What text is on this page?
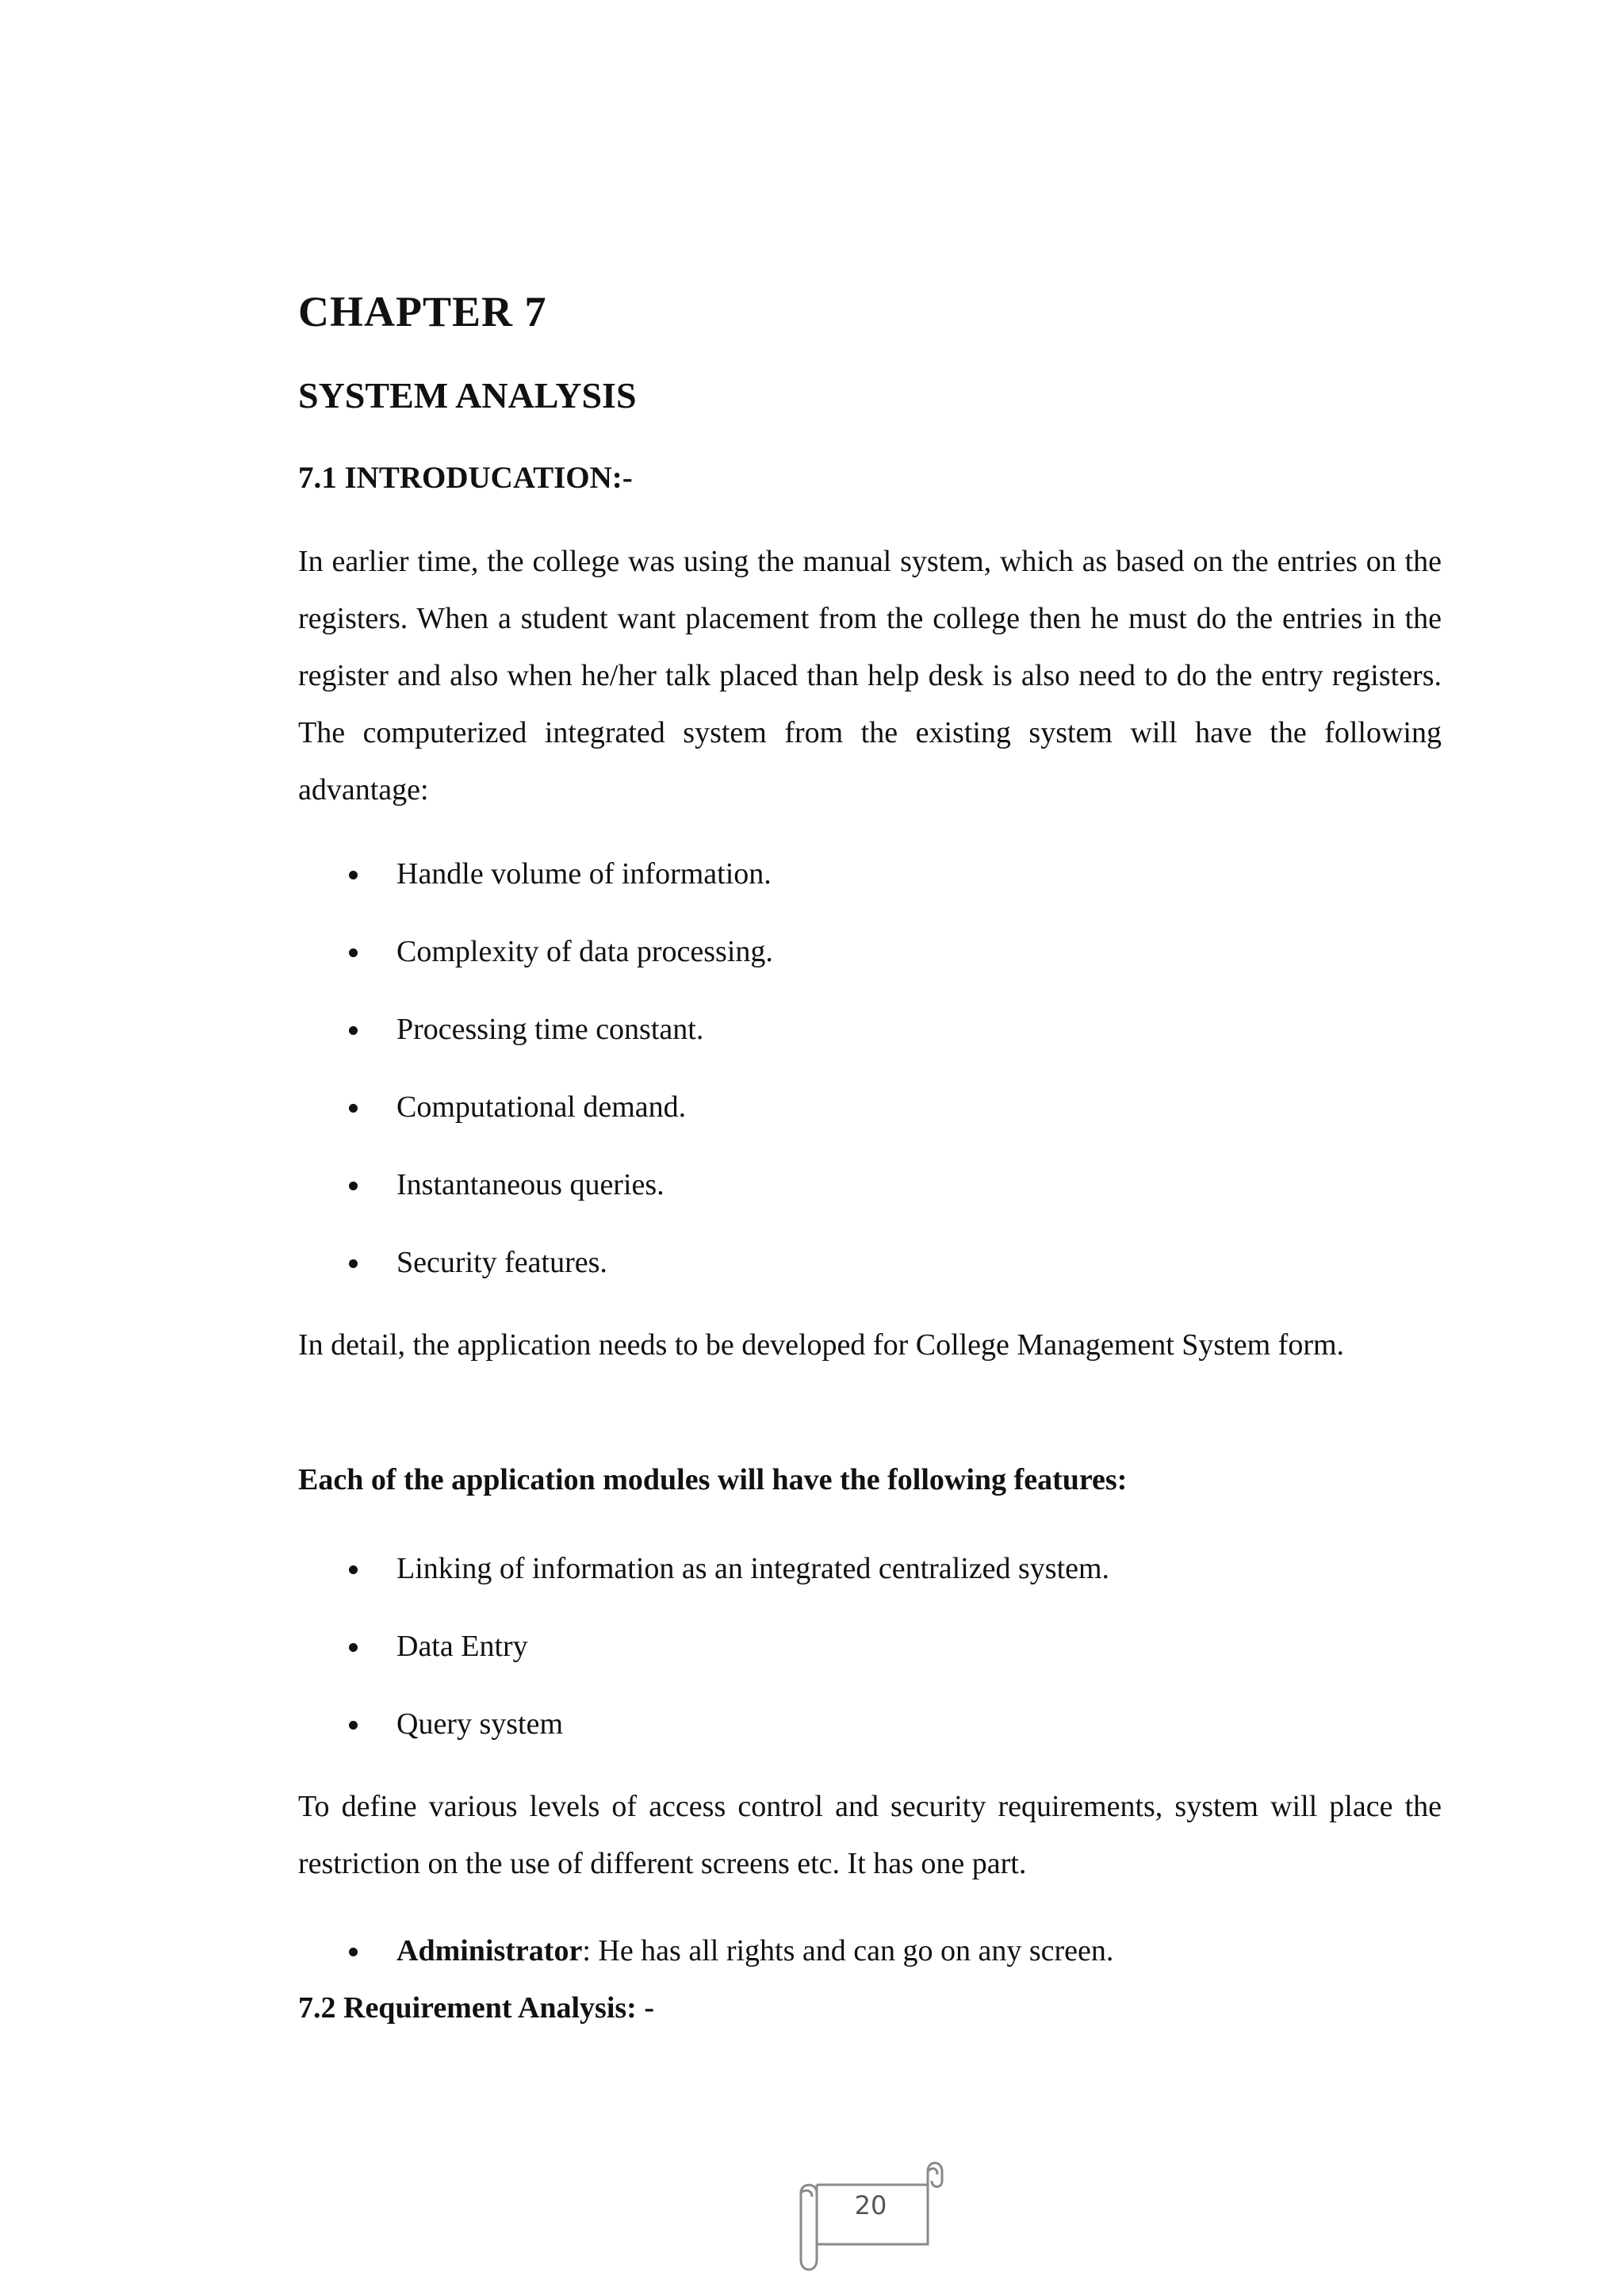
CHAPTER 7
SYSTEM ANALYSIS
7.1 INTRODUCATION:-

In earlier time, the college was using the manual system, which as based on the entries on the registers. When a student want placement from the college then he must do the entries in the register and also when he/her talk placed than help desk is also need to do the entry registers. The computerized integrated system from the existing system will have the following advantage:

Handle volume of information.
Complexity of data processing.
Processing time constant.
Computational demand.
Instantaneous queries.
Security features.

In detail, the application needs to be developed for College Management System form.

Each of the application modules will have the following features:
Linking of information as an integrated centralized system.
Data Entry
Query system

To define various levels of access control and security requirements, system will place the restriction on the use of different screens etc. It has one part.

Administrator: He has all rights and can go on any screen.
7.2 Requirement Analysis: -
20
